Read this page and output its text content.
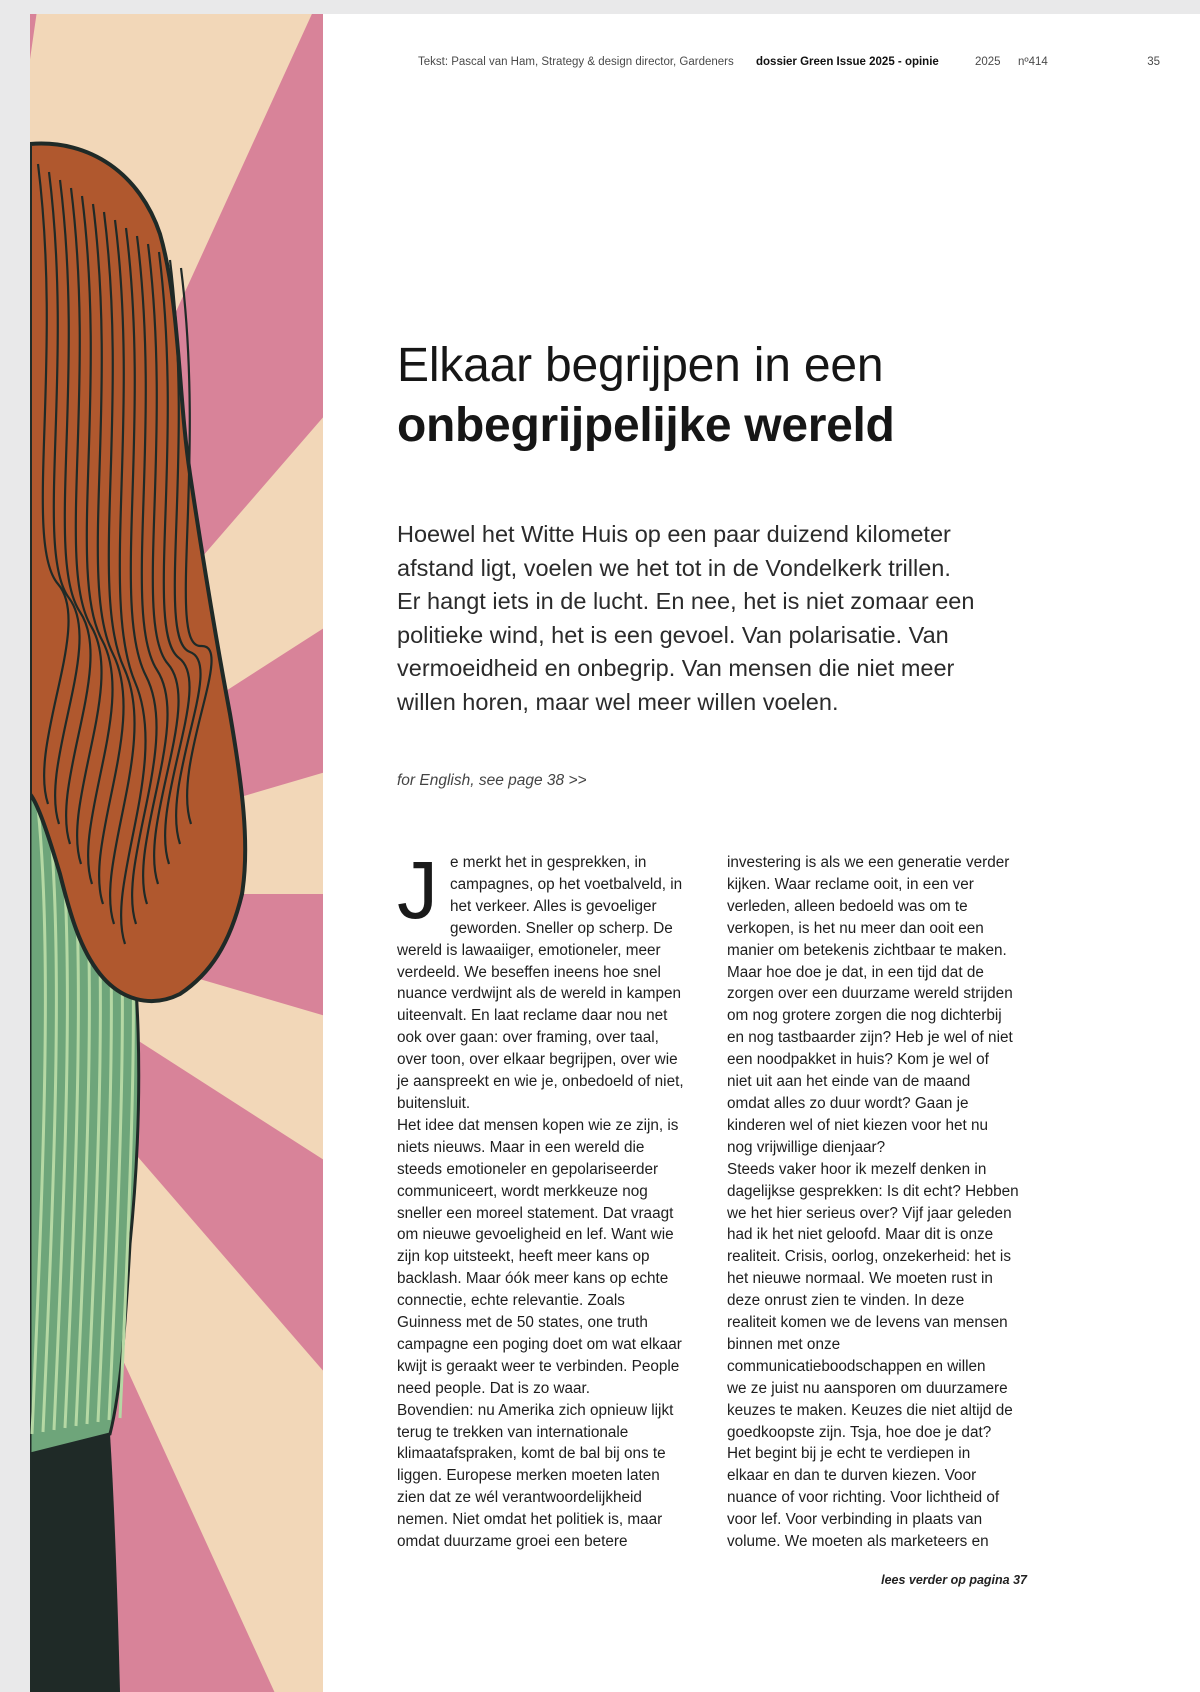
Tekst: Pascal van Ham, Strategy & design director, Gardeners dossier Green Issue 2025 - opinie	2025 nº414	35
Elkaar begrijpen in een
onbegrijpelijke wereld

Hoewel het Witte Huis op een paar duizend kilometer
afstand ligt, voelen we het tot in de Vondelkerk trillen.
Er hangt iets in de lucht. En nee, het is niet zomaar een
politieke wind, het is een gevoel. Van polarisatie. Van
vermoeidheid en onbegrip. Van mensen die niet meer
willen horen, maar wel meer willen voelen.

for English, see page 38 >>
J e merkt het in gesprekken, in
campagnes, op het voetbalveld, in
het verkeer. Alles is gevoeliger
geworden. Sneller op scherp. De
wereld is lawaaiiger, emotioneler, meer
verdeeld. We beseffen ineens hoe snel
nuance verdwijnt als de wereld in kampen
uiteenvalt. En laat reclame daar nou net
ook over gaan: over framing, over taal,
over toon, over elkaar begrijpen, over wie
je aanspreekt en wie je, onbedoeld of niet,
buitensluit.
Het idee dat mensen kopen wie ze zijn, is
niets nieuws. Maar in een wereld die
steeds emotioneler en gepolariseerder
communiceert, wordt merkkeuze nog
sneller een moreel statement. Dat vraagt
om nieuwe gevoeligheid en lef. Want wie
zijn kop uitsteekt, heeft meer kans op
backlash. Maar óók meer kans op echte
connectie, echte relevantie. Zoals
Guinness met de 50 states, one truth
campagne een poging doet om wat elkaar
kwijt is geraakt weer te verbinden. People
need people. Dat is zo waar.
Bovendien: nu Amerika zich opnieuw lijkt
terug te trekken van internationale
klimaatafspraken, komt de bal bij ons te
liggen. Europese merken moeten laten
zien dat ze wél verantwoordelijkheid
nemen. Niet omdat het politiek is, maar
omdat duurzame groei een betere

investering is als we een generatie verder
kijken. Waar reclame ooit, in een ver
verleden, alleen bedoeld was om te
verkopen, is het nu meer dan ooit een
manier om betekenis zichtbaar te maken.
Maar hoe doe je dat, in een tijd dat de
zorgen over een duurzame wereld strijden
om nog grotere zorgen die nog dichterbij
en nog tastbaarder zijn? Heb je wel of niet
een noodpakket in huis? Kom je wel of
niet uit aan het einde van de maand
omdat alles zo duur wordt? Gaan je
kinderen wel of niet kiezen voor het nu
nog vrijwillige dienjaar?
Steeds vaker hoor ik mezelf denken in
dagelijkse gesprekken: Is dit echt? Hebben
we het hier serieus over? Vijf jaar geleden
had ik het niet geloofd. Maar dit is onze
realiteit. Crisis, oorlog, onzekerheid: het is
het nieuwe normaal. We moeten rust in
deze onrust zien te vinden. In deze
realiteit komen we de levens van mensen
binnen met onze
communicatieboodschappen en willen
we ze juist nu aansporen om duurzamere
keuzes te maken. Keuzes die niet altijd de
goedkoopste zijn. Tsja, hoe doe je dat?
Het begint bij je echt te verdiepen in
elkaar en dan te durven kiezen. Voor
nuance of voor richting. Voor lichtheid of
voor lef. Voor verbinding in plaats van
volume. We moeten als marketeers en

lees verder op pagina 37
